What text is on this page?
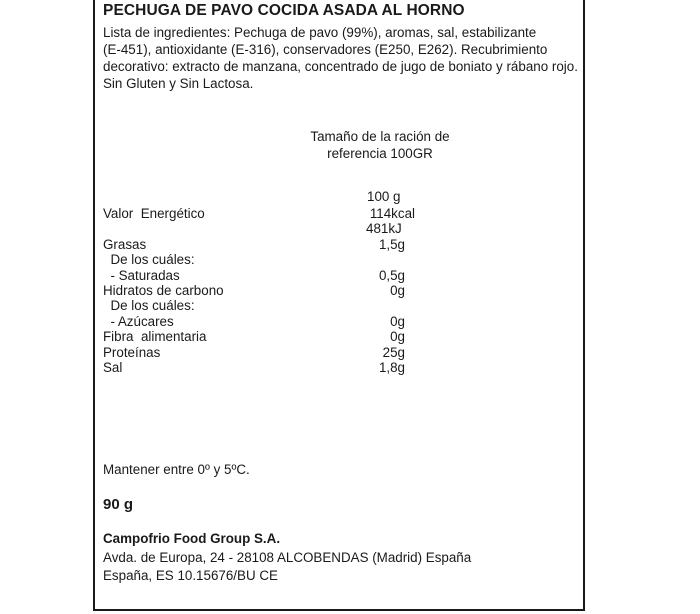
PECHUGA DE PAVO COCIDA ASADA AL HORNO
Lista de ingredientes: Pechuga de pavo (99%), aromas, sal, estabilizante
(E-451), antioxidante (E-316), conservadores (E250, E262). Recubrimiento
decorativo: extracto de manzana, concentrado de jugo de boniato y rábano rojo.
Sin Gluten y Sin Lactosa.
Tamaño de la ración de
referencia 100GR
100 g
Valor  Energético	114kcal
481kJ
Grasas	1,5g
De los cuáles:
- Saturadas	0,5g
Hidratos de carbono	0g
De los cuáles:
- Azúcares	0g
Fibra  alimentaria	0g
Proteínas	25g
Sal	1,8g
Mantener entre 0º y 5ºC.
90 g
Campofrio Food Group S.A.
Avda. de Europa, 24 - 28108 ALCOBENDAS (Madrid) España
España, ES 10.15676/BU CE
